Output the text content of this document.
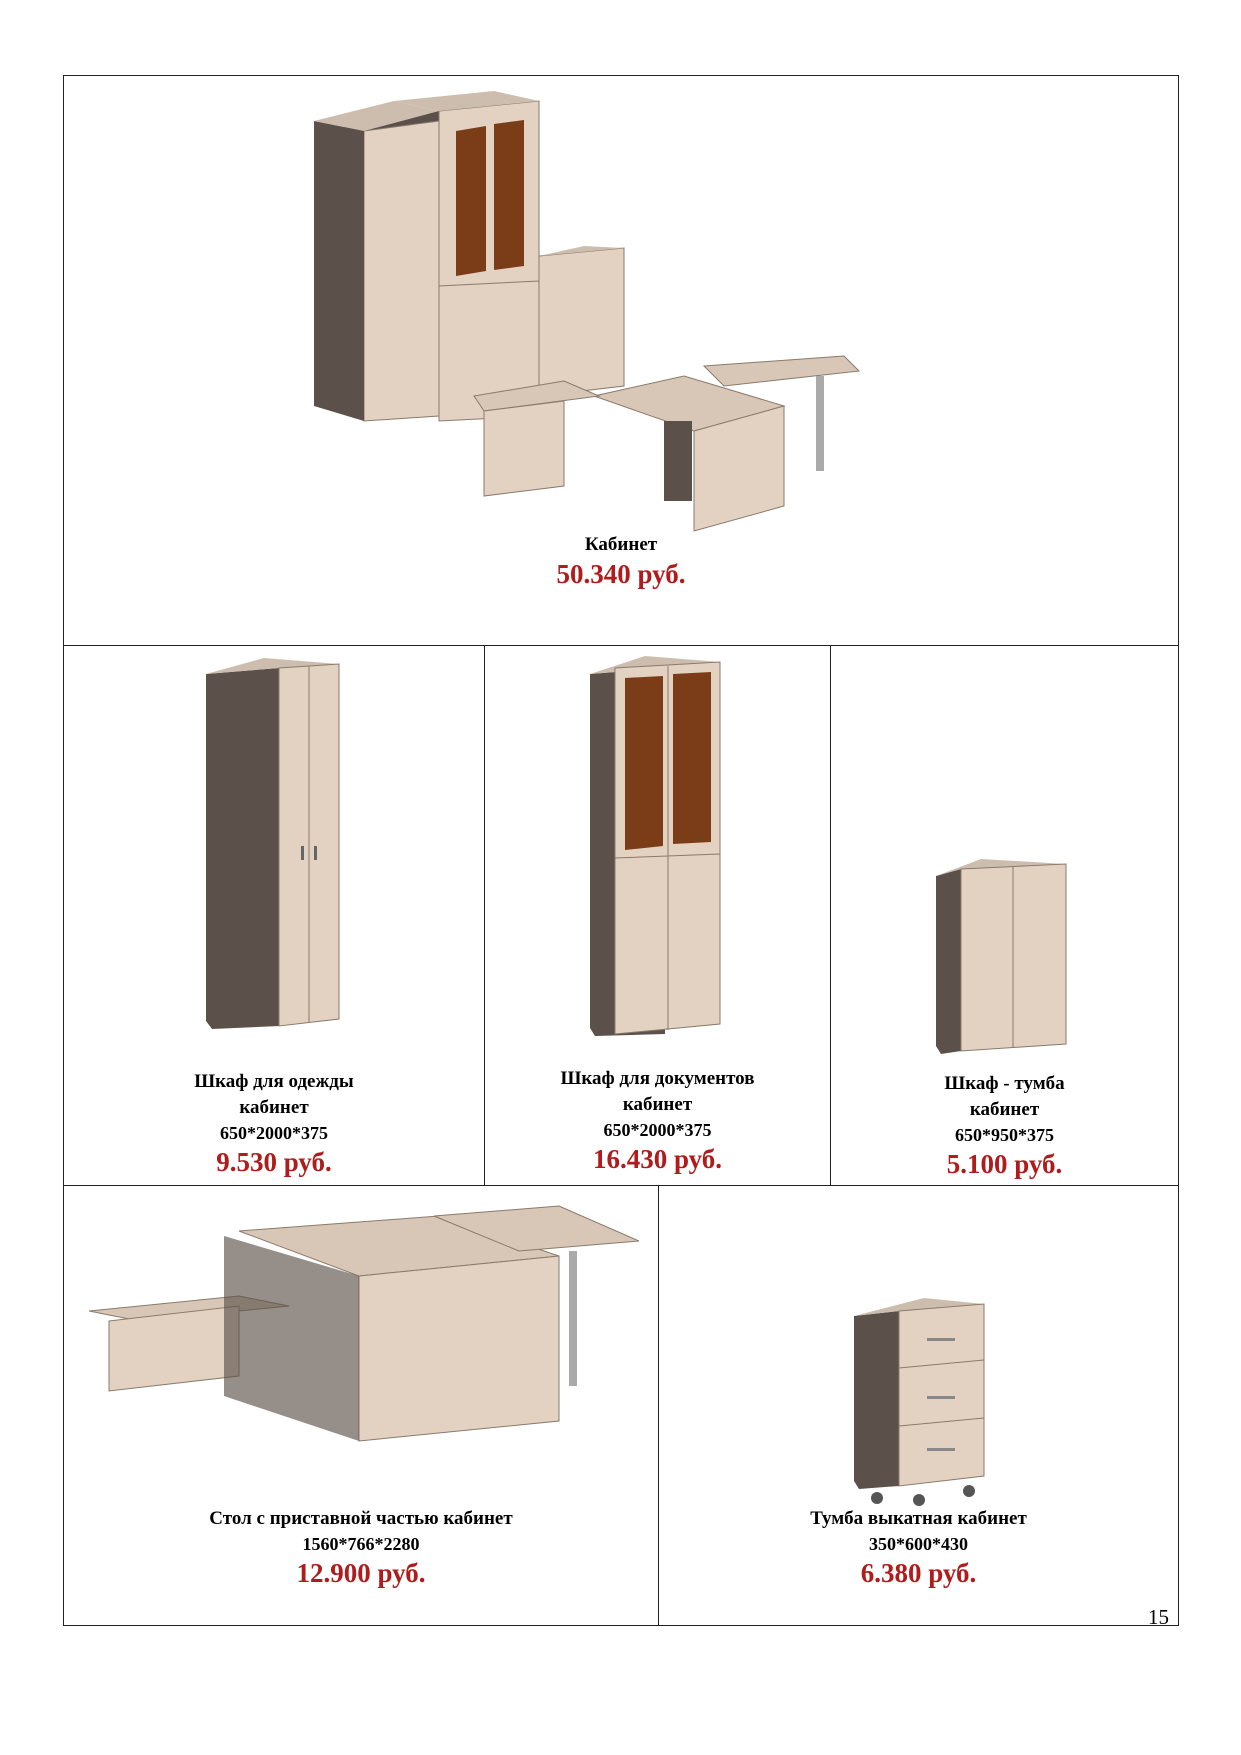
Кабинет
50.340 руб.
Шкаф для одежды
кабинет
650*2000*375
9.530 руб.
Шкаф для документов
кабинет
650*2000*375
16.430 руб.
Шкаф - тумба
кабинет
650*950*375
5.100 руб.
Стол с приставной частью кабинет
1560*766*2280
12.900 руб.
Тумба выкатная кабинет
350*600*430
6.380 руб.
15
